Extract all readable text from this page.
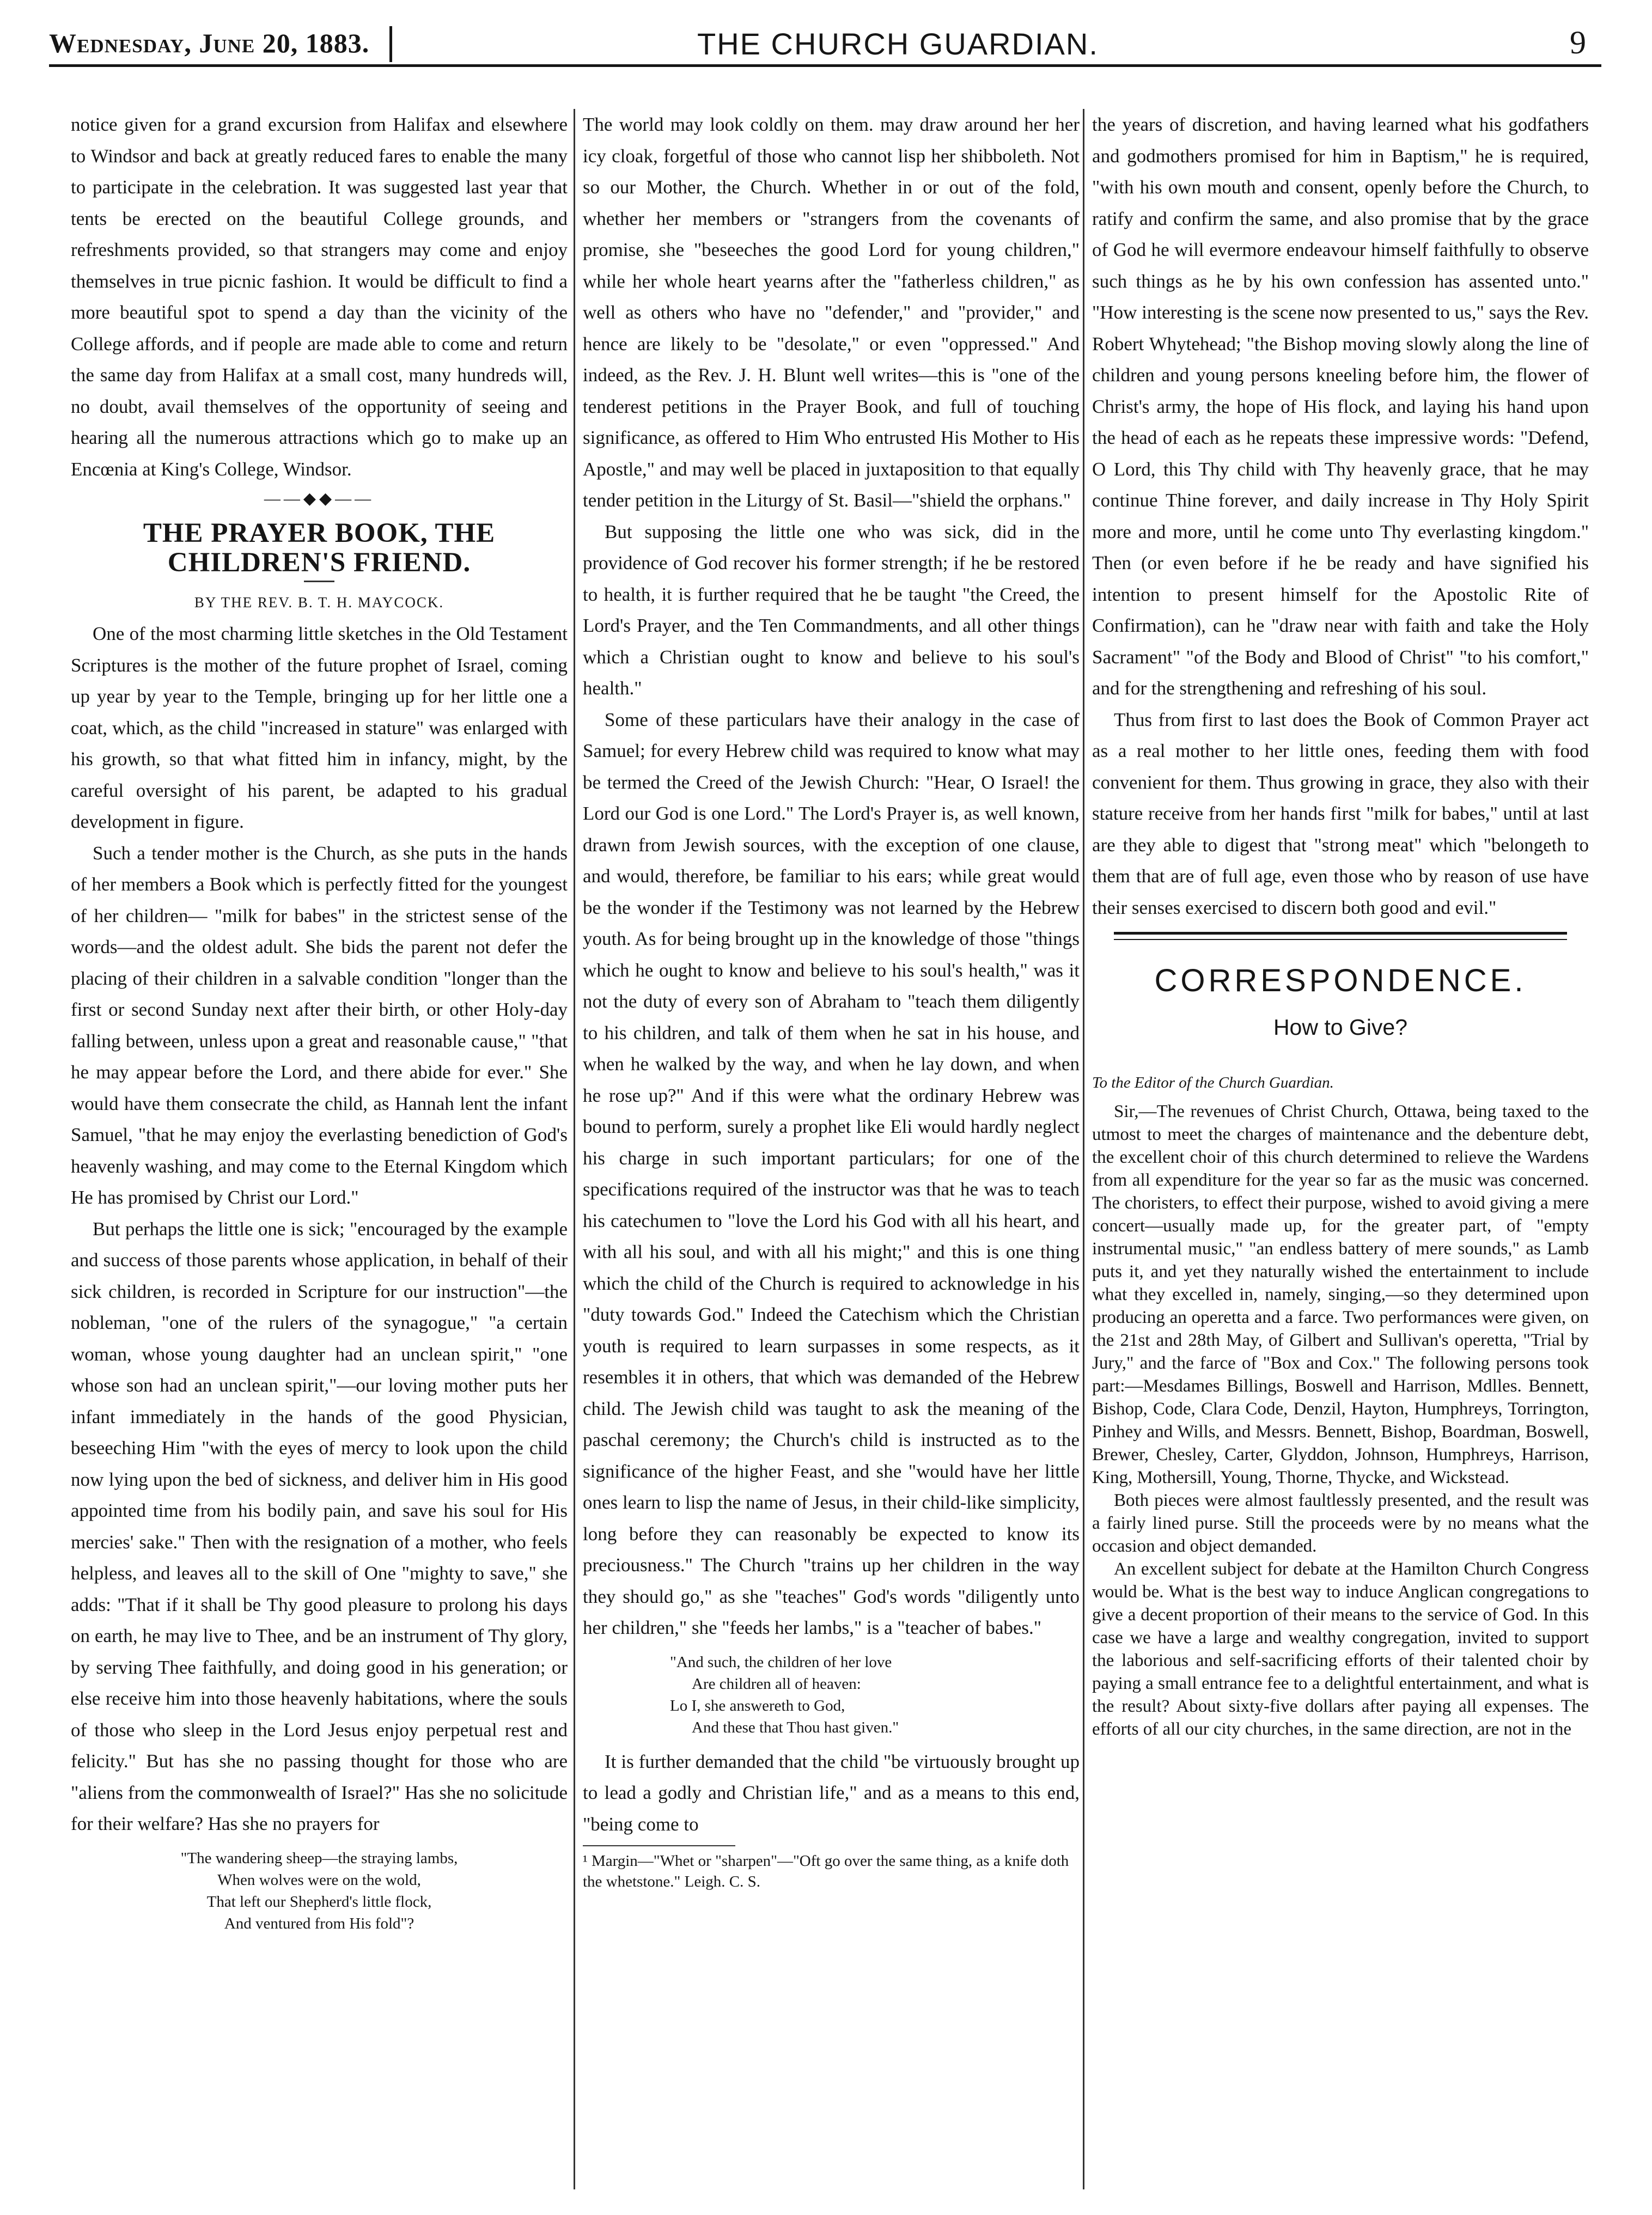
Wednesday, June 20, 1883.	THE CHURCH GUARDIAN.	9

notice given for a grand excursion from Halifax and elsewhere to Windsor and back at greatly reduced fares to enable the many to participate in the celebration. It was suggested last year that tents be erected on the beautiful College grounds, and refreshments provided, so that strangers may come and enjoy themselves in true picnic fashion. It would be difficult to find a more beautiful spot to spend a day than the vicinity of the College affords, and if people are made able to come and return the same day from Halifax at a small cost, many hundreds will, no doubt, avail themselves of the opportunity of seeing and hearing all the numerous attractions which go to make up an Encœnia at King's College, Windsor.

——◆◆——
THE PRAYER BOOK, THE CHILDREN'S FRIEND.
BY THE REV. B. T. H. MAYCOCK.

One of the most charming little sketches in the Old Testament Scriptures is the mother of the future prophet of Israel, coming up year by year to the Temple, bringing up for her little one a coat, which, as the child "increased in stature" was enlarged with his growth, so that what fitted him in infancy, might, by the careful oversight of his parent, be adapted to his gradual development in figure.

Such a tender mother is the Church, as she puts in the hands of her members a Book which is perfectly fitted for the youngest of her children— "milk for babes" in the strictest sense of the words—and the oldest adult. She bids the parent not defer the placing of their children in a salvable condition "longer than the first or second Sunday next after their birth, or other Holy-day falling between, unless upon a great and reasonable cause," "that he may appear before the Lord, and there abide for ever." She would have them consecrate the child, as Hannah lent the infant Samuel, "that he may enjoy the everlasting benediction of God's heavenly washing, and may come to the Eternal Kingdom which He has promised by Christ our Lord."

But perhaps the little one is sick; "encouraged by the example and success of those parents whose application, in behalf of their sick children, is recorded in Scripture for our instruction"—the nobleman, "one of the rulers of the synagogue," "a certain woman, whose young daughter had an unclean spirit," "one whose son had an unclean spirit,"—our loving mother puts her infant immediately in the hands of the good Physician, beseeching Him "with the eyes of mercy to look upon the child now lying upon the bed of sickness, and deliver him in His good appointed time from his bodily pain, and save his soul for His mercies' sake." Then with the resignation of a mother, who feels helpless, and leaves all to the skill of One "mighty to save," she adds: "That if it shall be Thy good pleasure to prolong his days on earth, he may live to Thee, and be an instrument of Thy glory, by serving Thee faithfully, and doing good in his generation; or else receive him into those heavenly habitations, where the souls of those who sleep in the Lord Jesus enjoy perpetual rest and felicity." But has she no passing thought for those who are "aliens from the commonwealth of Israel?" Has she no solicitude for their welfare? Has she no prayers for

"The wandering sheep—the straying lambs,
When wolves were on the wold,
That left our Shepherd's little flock,
And ventured from His fold"?

The world may look coldly on them. may draw around her her icy cloak, forgetful of those who cannot lisp her shibboleth. Not so our Mother, the Church. Whether in or out of the fold, whether her members or "strangers from the covenants of promise, she "beseeches the good Lord for young children," while her whole heart yearns after the "fatherless children," as well as others who have no "defender," and "provider," and hence are likely to be "desolate," or even "oppressed." And indeed, as the Rev. J. H. Blunt well writes—this is "one of the tenderest petitions in the Prayer Book, and full of touching significance, as offered to Him Who entrusted His Mother to His Apostle," and may well be placed in juxtaposition to that equally tender petition in the Liturgy of St. Basil—"shield the orphans."

But supposing the little one who was sick, did in the providence of God recover his former strength; if he be restored to health, it is further required that he be taught "the Creed, the Lord's Prayer, and the Ten Commandments, and all other things which a Christian ought to know and believe to his soul's health."

Some of these particulars have their analogy in the case of Samuel; for every Hebrew child was required to know what may be termed the Creed of the Jewish Church: "Hear, O Israel! the Lord our God is one Lord." The Lord's Prayer is, as well known, drawn from Jewish sources, with the exception of one clause, and would, therefore, be familiar to his ears; while great would be the wonder if the Testimony was not learned by the Hebrew youth. As for being brought up in the knowledge of those "things which he ought to know and believe to his soul's health," was it not the duty of every son of Abraham to "teach them diligently to his children, and talk of them when he sat in his house, and when he walked by the way, and when he lay down, and when he rose up?" And if this were what the ordinary Hebrew was bound to perform, surely a prophet like Eli would hardly neglect his charge in such important particulars; for one of the specifications required of the instructor was that he was to teach his catechumen to "love the Lord his God with all his heart, and with all his soul, and with all his might;" and this is one thing which the child of the Church is required to acknowledge in his "duty towards God." Indeed the Catechism which the Christian youth is required to learn surpasses in some respects, as it resembles it in others, that which was demanded of the Hebrew child. The Jewish child was taught to ask the meaning of the paschal ceremony; the Church's child is instructed as to the significance of the higher Feast, and she "would have her little ones learn to lisp the name of Jesus, in their child-like simplicity, long before they can reasonably be expected to know its preciousness." The Church "trains up her children in the way they should go," as she "teaches" God's words "diligently unto her children," she "feeds her lambs," is a "teacher of babes."

"And such, the children of her love
Are children all of heaven:
Lo I, she answereth to God,
And these that Thou hast given."

It is further demanded that the child "be virtuously brought up to lead a godly and Christian life," and as a means to this end, "being come to

¹ Margin—"Whet or "sharpen"—"Oft go over the same thing, as a knife doth the whetstone." Leigh. C. S.

the years of discretion, and having learned what his godfathers and godmothers promised for him in Baptism," he is required, "with his own mouth and consent, openly before the Church, to ratify and confirm the same, and also promise that by the grace of God he will evermore endeavour himself faithfully to observe such things as he by his own confession has assented unto." "How interesting is the scene now presented to us," says the Rev. Robert Whytehead; "the Bishop moving slowly along the line of children and young persons kneeling before him, the flower of Christ's army, the hope of His flock, and laying his hand upon the head of each as he repeats these impressive words: "Defend, O Lord, this Thy child with Thy heavenly grace, that he may continue Thine forever, and daily increase in Thy Holy Spirit more and more, until he come unto Thy everlasting kingdom." Then (or even before if he be ready and have signified his intention to present himself for the Apostolic Rite of Confirmation), can he "draw near with faith and take the Holy Sacrament" "of the Body and Blood of Christ" "to his comfort," and for the strengthening and refreshing of his soul.

Thus from first to last does the Book of Common Prayer act as a real mother to her little ones, feeding them with food convenient for them. Thus growing in grace, they also with their stature receive from her hands first "milk for babes," until at last are they able to digest that "strong meat" which "belongeth to them that are of full age, even those who by reason of use have their senses exercised to discern both good and evil."

CORRESPONDENCE.
How to Give?
To the Editor of the Church Guardian.

Sir,—The revenues of Christ Church, Ottawa, being taxed to the utmost to meet the charges of maintenance and the debenture debt, the excellent choir of this church determined to relieve the Wardens from all expenditure for the year so far as the music was concerned. The choristers, to effect their purpose, wished to avoid giving a mere concert—usually made up, for the greater part, of "empty instrumental music," "an endless battery of mere sounds," as Lamb puts it, and yet they naturally wished the entertainment to include what they excelled in, namely, singing,—so they determined upon producing an operetta and a farce. Two performances were given, on the 21st and 28th May, of Gilbert and Sullivan's operetta, "Trial by Jury," and the farce of "Box and Cox." The following persons took part:—Mesdames Billings, Boswell and Harrison, Mdlles. Bennett, Bishop, Code, Clara Code, Denzil, Hayton, Humphreys, Torrington, Pinhey and Wills, and Messrs. Bennett, Bishop, Boardman, Boswell, Brewer, Chesley, Carter, Glyddon, Johnson, Humphreys, Harrison, King, Mothersill, Young, Thorne, Thycke, and Wickstead.

Both pieces were almost faultlessly presented, and the result was a fairly lined purse. Still the proceeds were by no means what the occasion and object demanded.

An excellent subject for debate at the Hamilton Church Congress would be. What is the best way to induce Anglican congregations to give a decent proportion of their means to the service of God. In this case we have a large and wealthy congregation, invited to support the laborious and self-sacrificing efforts of their talented choir by paying a small entrance fee to a delightful entertainment, and what is the result? About sixty-five dollars after paying all expenses. The efforts of all our city churches, in the same direction, are not in the
